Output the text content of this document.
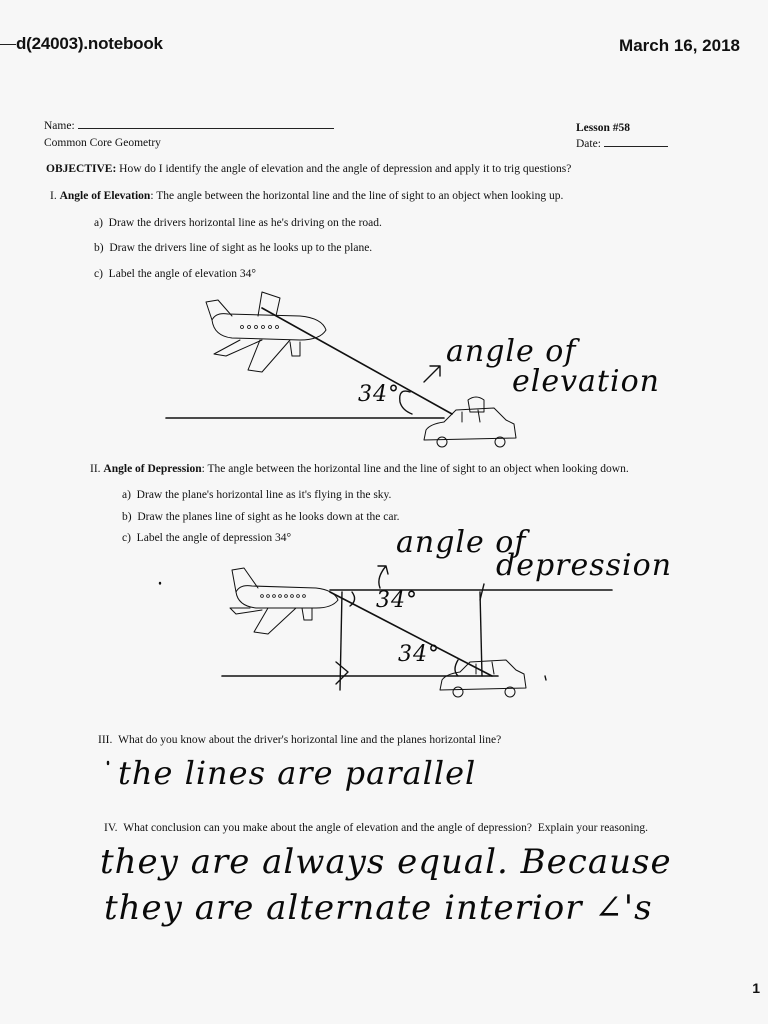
d(24003).notebook	March 16, 2018
Name:
Common Core Geometry
Lesson #58
Date:
OBJECTIVE: How do I identify the angle of elevation and the angle of depression and apply it to trig questions?
I. Angle of Elevation: The angle between the horizontal line and the line of sight to an object when looking up.
a)  Draw the drivers horizontal line as he's driving on the road.
b)  Draw the drivers line of sight as he looks up to the plane.
c)  Label the angle of elevation 34°
II. Angle of Depression: The angle between the horizontal line and the line of sight to an object when looking down.
a)  Draw the plane's horizontal line as it's flying in the sky.
b)  Draw the planes line of sight as he looks down at the car.
c)  Label the angle of depression 34°
III.  What do you know about the driver's horizontal line and the planes horizontal line?
IV.  What conclusion can you make about the angle of elevation and the angle of depression?  Explain your reasoning.
34°
angle of
elevation
angle of
depression
34°
34°
the lines are parallel
they are always equal. Because
they are alternate interior ∠'s
1
